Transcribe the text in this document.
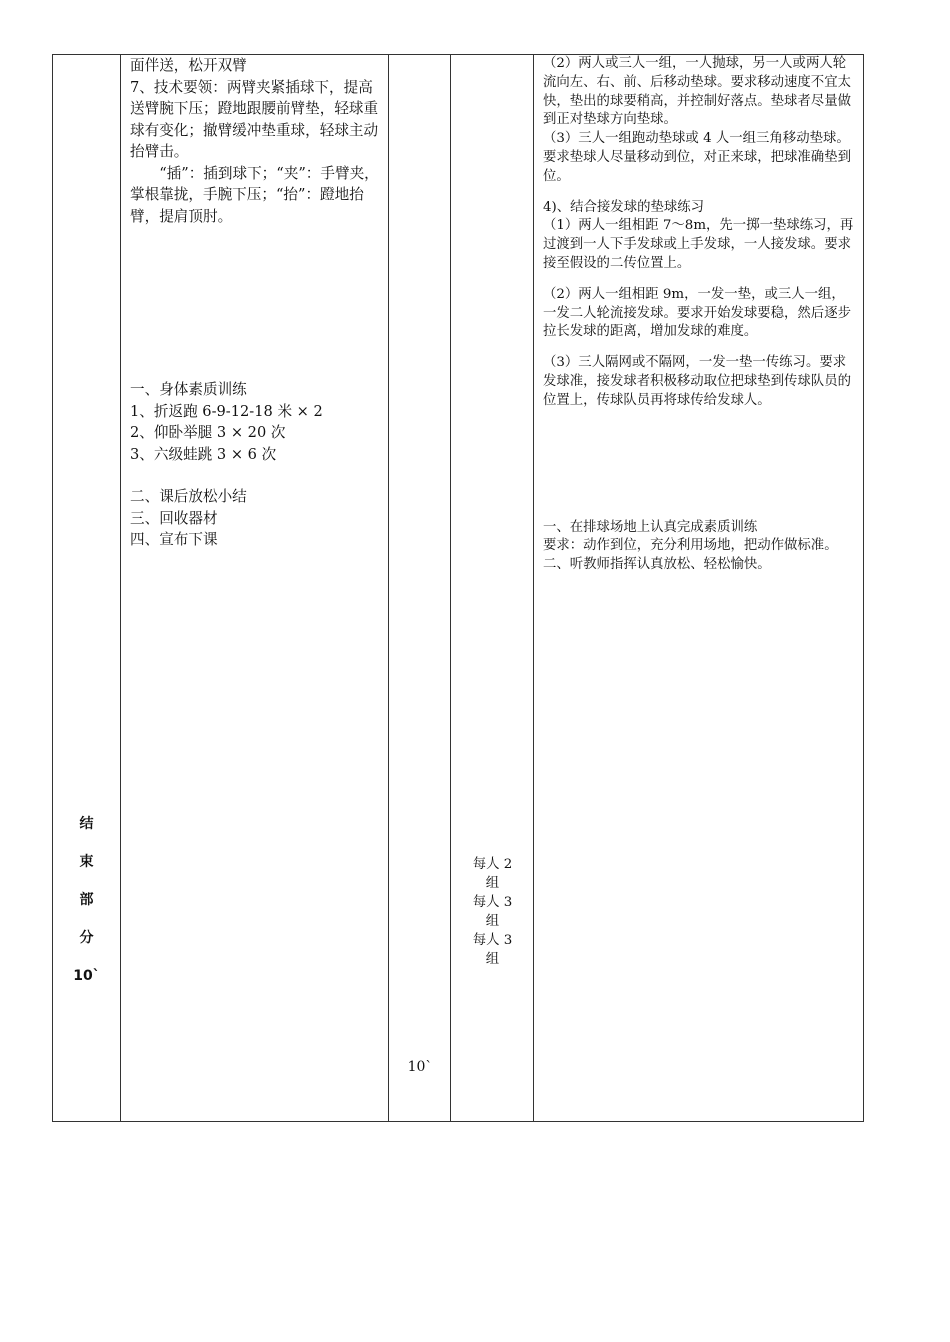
结
束
部
分
10`

面伴送，松开双臂

7、技术要领：两臂夹紧插球下，提高送臂腕下压；蹬地跟腰前臂垫，轻球重球有变化；撤臂缓冲垫重球，轻球主动抬臂击。

“插”：插到球下；“夹”：手臂夹，掌根靠拢，手腕下压；“抬”：蹬地抬臂，提肩顶肘。

一、身体素质训练

1、折返跑 6-9-12-18 米 × 2

2、仰卧举腿 3 × 20 次

3、六级蛙跳 3 × 6 次

二、课后放松小结

三、回收器材

四、宣布下课

10`
每人 2
组
每人 3
组
每人 3
组

（2）两人或三人一组，一人抛球，另一人或两人轮流向左、右、前、后移动垫球。要求移动速度不宜太快，垫出的球要稍高，并控制好落点。垫球者尽量做到正对垫球方向垫球。

（3）三人一组跑动垫球或 4 人一组三角移动垫球。要求垫球人尽量移动到位，对正来球，把球准确垫到位。

4)、结合接发球的垫球练习

（1）两人一组相距 7～8m，先一掷一垫球练习，再过渡到一人下手发球或上手发球，一人接发球。要求接至假设的二传位置上。

（2）两人一组相距 9m，一发一垫，或三人一组，一发二人轮流接发球。要求开始发球要稳，然后逐步拉长发球的距离，增加发球的难度。

（3）三人隔网或不隔网，一发一垫一传练习。要求发球准，接发球者积极移动取位把球垫到传球队员的位置上，传球队员再将球传给发球人。

一、在排球场地上认真完成素质训练

要求：动作到位，充分利用场地，把动作做标准。

二、听教师指挥认真放松、轻松愉快。
